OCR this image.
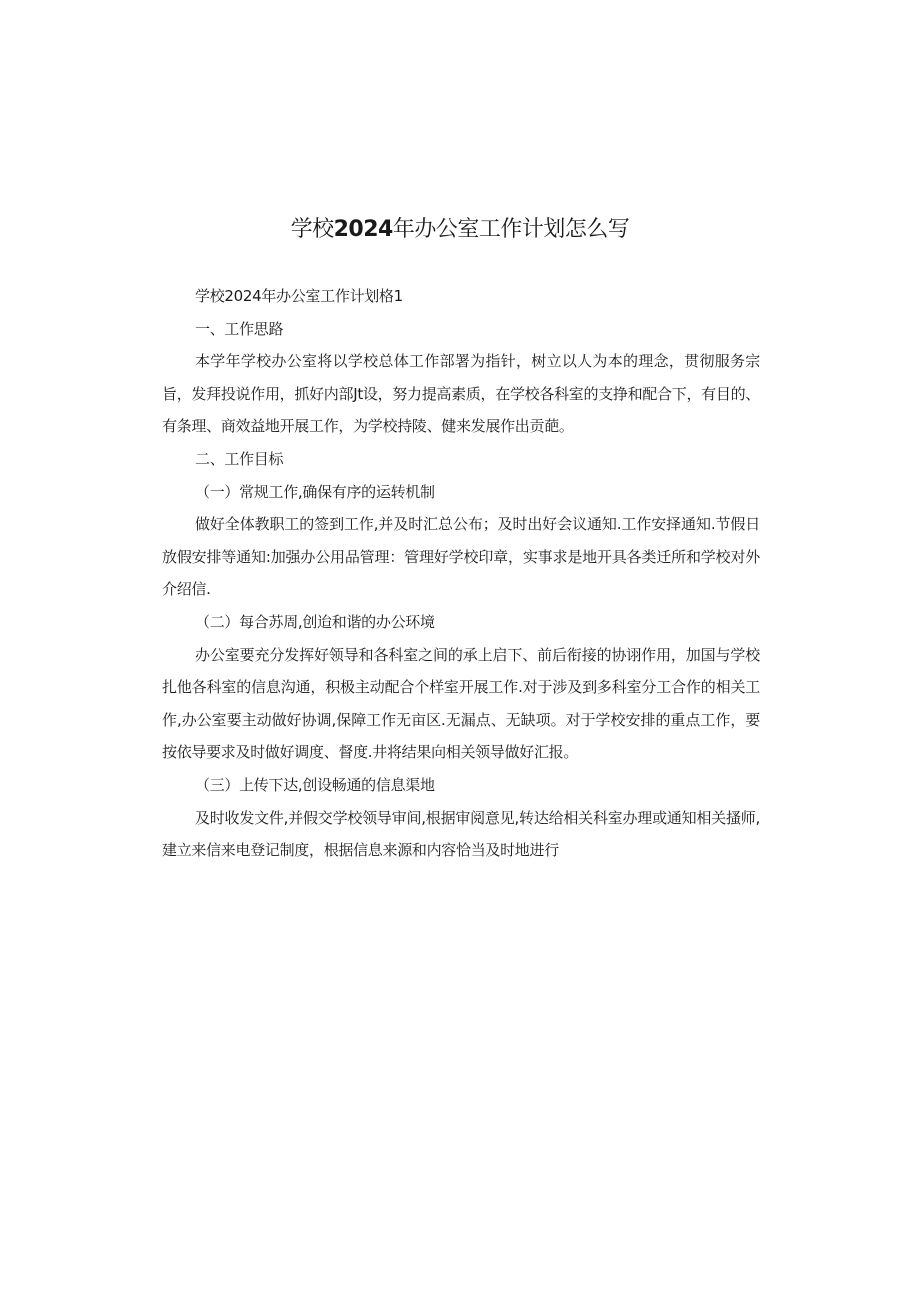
学校2024年办公室工作计划怎么写

学校2024年办公室工作计划格1

一、工作思路

本学年学校办公室将以学校总体工作部署为指针，树立以人为本的理念，贯彻服务宗旨，发拜投说作用，抓好内部Jt设，努力提高素质，在学校各科室的支挣和配合下，有目的、有条理、商效益地开展工作，为学校持陵、健来发展作出贡葩。

二、工作目标

（一）常规工作,确保有序的运转机制

做好全体教职工的签到工作,并及时汇总公布；及时出好会议通知.工作安择通知.节假日放假安排等通知:加强办公用品管理：管理好学校印章，实事求是地开具各类迁所和学校对外介绍信.

（二）每合苏周,创迨和谐的办公环境

办公室要充分发挥好领导和各科室之间的承上启下、前后衔接的协诩作用，加国与学校扎他各科室的信息沟通，积极主动配合个样室开展工作.对于涉及到多科室分工合作的相关工作,办公室要主动做好协调,保障工作无亩区.无漏点、无缺项。对于学校安排的重点工作，要按依导要求及时做好调度、督度.井将结果向相关领导做好汇报。

（三）上传下达,创设畅通的信息渠地

及时收发文件,并假交学校领导审间,根据审阅意见,转达给相关科室办理或通知相关搔师,建立来信来电登记制度，根据信息来源和内容恰当及时地进行
